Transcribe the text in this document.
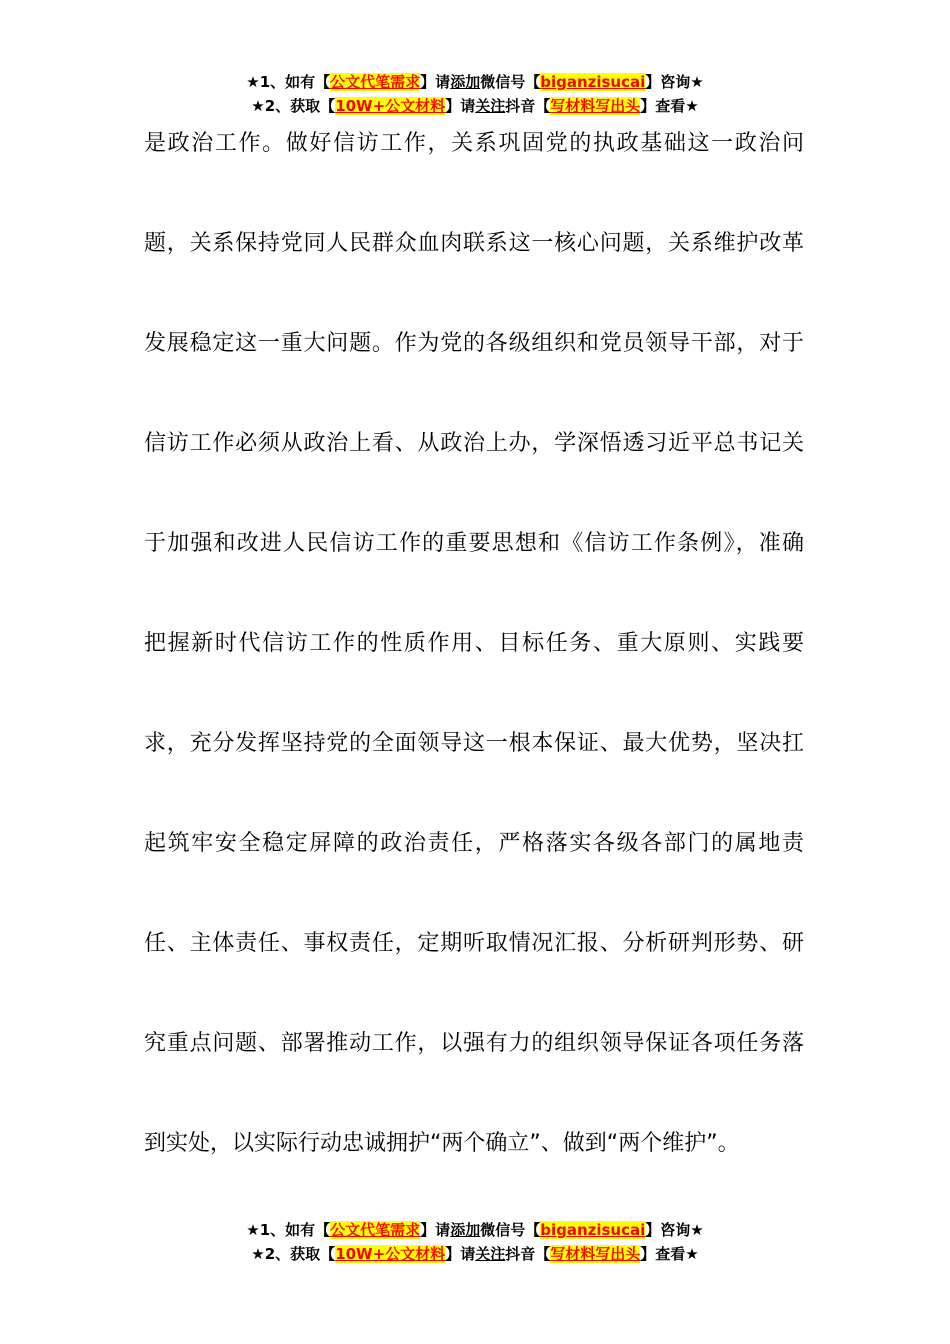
★1、如有【公文代笔需求】请添加微信号【biganzisucai】咨询★
★2、获取【10W+公文材料】请关注抖音【写材料写出头】查看★
是政治工作。做好信访工作，关系巩固党的执政基础这一政治问
题，关系保持党同人民群众血肉联系这一核心问题，关系维护改革
发展稳定这一重大问题。作为党的各级组织和党员领导干部，对于
信访工作必须从政治上看、从政治上办，学深悟透习近平总书记关
于加强和改进人民信访工作的重要思想和《信访工作条例》，准确
把握新时代信访工作的性质作用、目标任务、重大原则、实践要
求，充分发挥坚持党的全面领导这一根本保证、最大优势，坚决扛
起筑牢安全稳定屏障的政治责任，严格落实各级各部门的属地责
任、主体责任、事权责任，定期听取情况汇报、分析研判形势、研
究重点问题、部署推动工作，以强有力的组织领导保证各项任务落
到实处，以实际行动忠诚拥护“两个确立”、做到“两个维护”。
★1、如有【公文代笔需求】请添加微信号【biganzisucai】咨询★
★2、获取【10W+公文材料】请关注抖音【写材料写出头】查看★
